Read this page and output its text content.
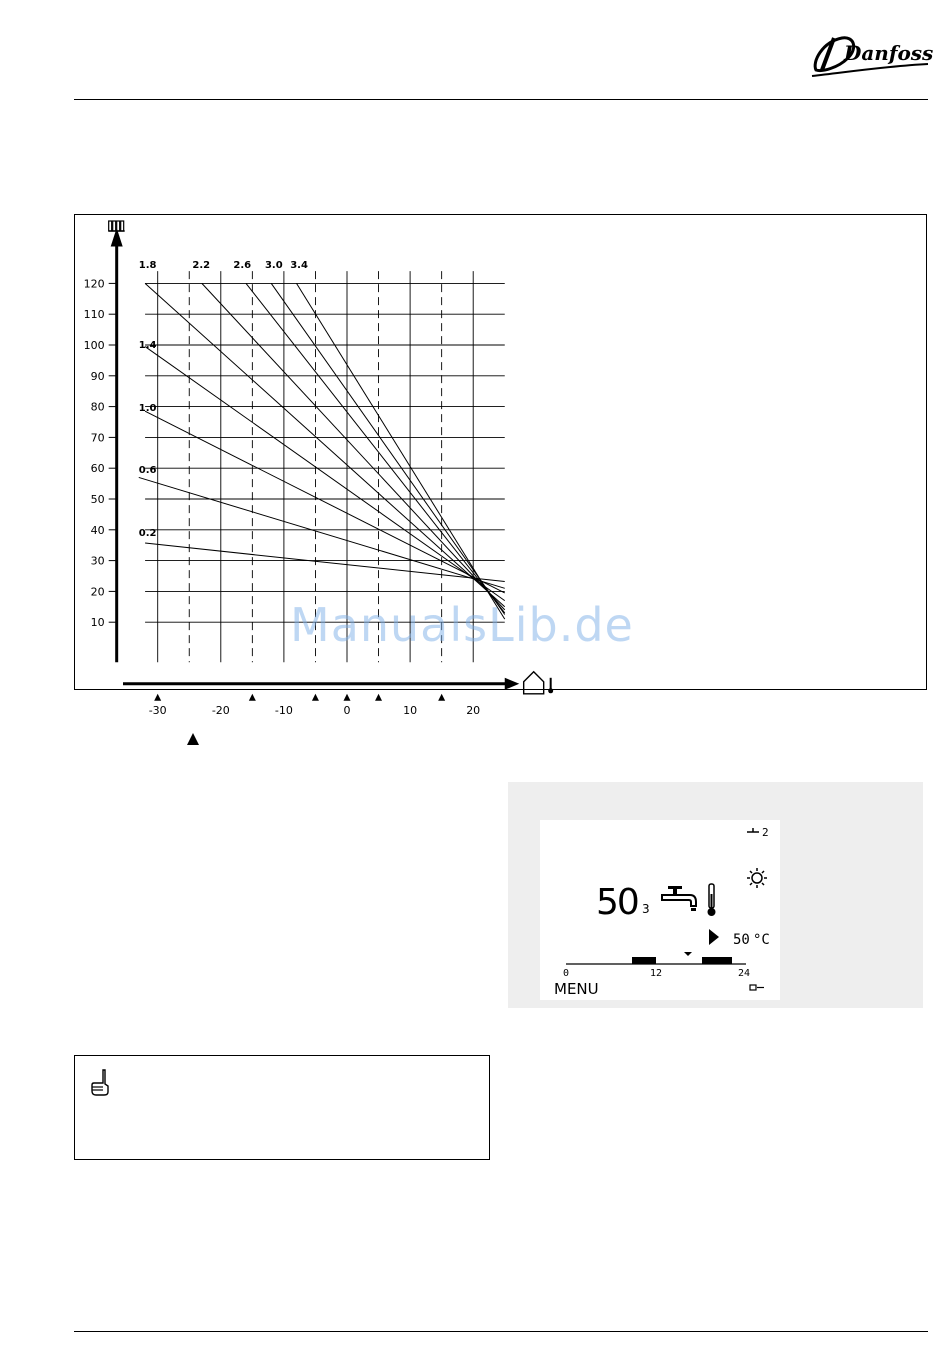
Danfoss
0.2
0.6
1.0
1.4
1.8	2.2 2.6 3.0 3.4
10
20
30
40
50
60
70
80
90
100
110
120
-30	-20	-10	0	10	20
ManualsLib.de
2
50 3
50 °C
0	12	24
MENU
